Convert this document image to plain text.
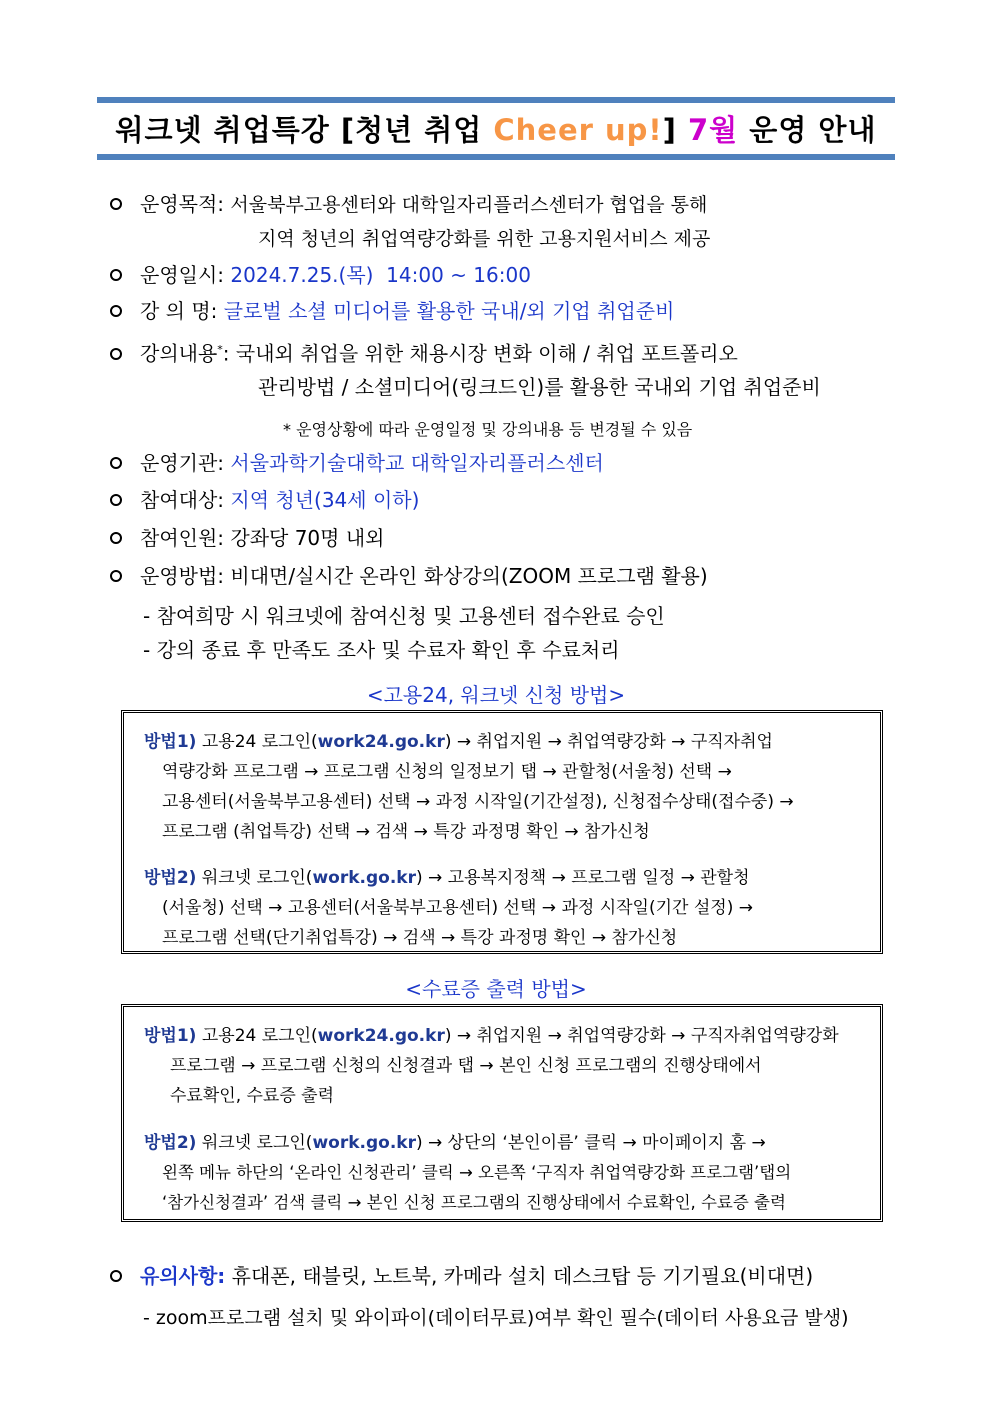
워크넷 취업특강 [청년 취업 Cheer up!] 7월 운영 안내
운영목적: 서울북부고용센터와 대학일자리플러스센터가 협업을 통해
지역 청년의 취업역량강화를 위한 고용지원서비스 제공
운영일시: 2024.7.25.(목)  14:00 ~ 16:00
강 의 명: 글로벌 소셜 미디어를 활용한 국내/외 기업 취업준비
강의내용*: 국내외 취업을 위한 채용시장 변화 이해 / 취업 포트폴리오
관리방법 / 소셜미디어(링크드인)를 활용한 국내외 기업 취업준비
* 운영상황에 따라 운영일정 및 강의내용 등 변경될 수 있음
운영기관: 서울과학기술대학교 대학일자리플러스센터
참여대상: 지역 청년(34세 이하)
참여인원: 강좌당 70명 내외
운영방법: 비대면/실시간 온라인 화상강의(ZOOM 프로그램 활용)
- 참여희망 시 워크넷에 참여신청 및 고용센터 접수완료 승인
- 강의 종료 후 만족도 조사 및 수료자 확인 후 수료처리
<고용24, 워크넷 신청 방법>
방법1) 고용24 로그인(work24.go.kr) → 취업지원 → 취업역량강화 → 구직자취업
역량강화 프로그램 → 프로그램 신청의 일정보기 탭 → 관할청(서울청) 선택 →
고용센터(서울북부고용센터) 선택 → 과정 시작일(기간설정), 신청접수상태(접수중) →
프로그램 (취업특강) 선택 → 검색 → 특강 과정명 확인 → 참가신청
방법2) 워크넷 로그인(work.go.kr) → 고용복지정책 → 프로그램 일정 → 관할청
(서울청) 선택 → 고용센터(서울북부고용센터) 선택 → 과정 시작일(기간 설정) →
프로그램 선택(단기취업특강) → 검색 → 특강 과정명 확인 → 참가신청
<수료증 출력 방법>
방법1) 고용24 로그인(work24.go.kr) → 취업지원 → 취업역량강화 → 구직자취업역량강화
프로그램 → 프로그램 신청의 신청결과 탭 → 본인 신청 프로그램의 진행상태에서
수료확인, 수료증 출력
방법2) 워크넷 로그인(work.go.kr) → 상단의 ‘본인이름’ 클릭 → 마이페이지 홈 →
왼쪽 메뉴 하단의 ‘온라인 신청관리’ 클릭 → 오른쪽 ‘구직자 취업역량강화 프로그램’탭의
‘참가신청결과’ 검색 클릭 → 본인 신청 프로그램의 진행상태에서 수료확인, 수료증 출력
유의사항: 휴대폰, 태블릿, 노트북, 카메라 설치 데스크탑 등 기기필요(비대면)
- zoom프로그램 설치 및 와이파이(데이터무료)여부 확인 필수(데이터 사용요금 발생)
